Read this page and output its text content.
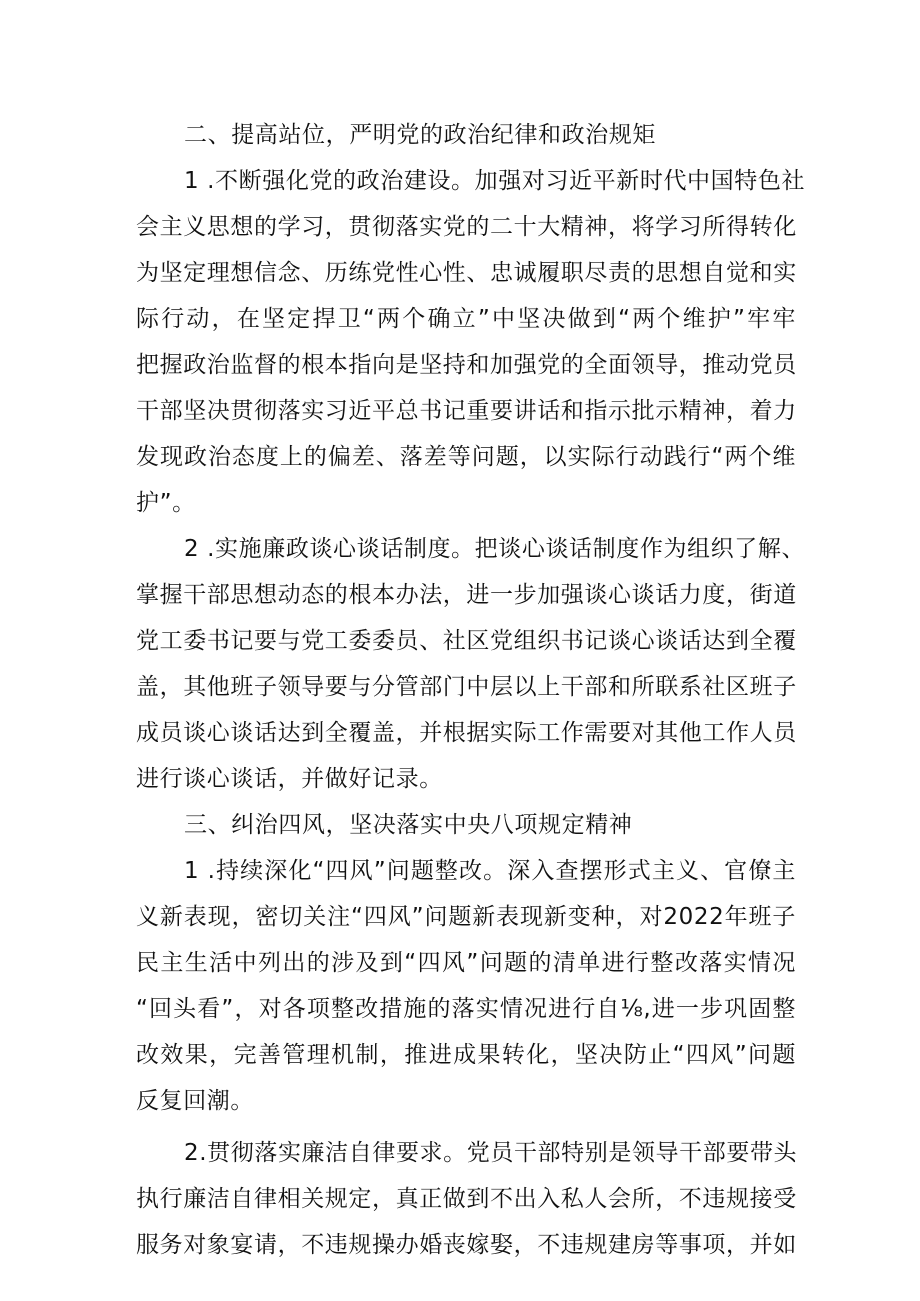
二、提高站位，严明党的政治纪律和政治规矩
1 .不断强化党的政治建设。加强对习近平新时代中国特色社
会主义思想的学习，贯彻落实党的二十大精神，将学习所得转化
为坚定理想信念、历练党性心性、忠诚履职尽责的思想自觉和实
际行动，在坚定捍卫“两个确立”中坚决做到“两个维护”牢牢
把握政治监督的根本指向是坚持和加强党的全面领导，推动党员
干部坚决贯彻落实习近平总书记重要讲话和指示批示精神，着力
发现政治态度上的偏差、落差等问题，以实际行动践行“两个维
护”。
2 .实施廉政谈心谈话制度。把谈心谈话制度作为组织了解、
掌握干部思想动态的根本办法，进一步加强谈心谈话力度，街道
党工委书记要与党工委委员、社区党组织书记谈心谈话达到全覆
盖，其他班子领导要与分管部门中层以上干部和所联系社区班子
成员谈心谈话达到全覆盖，并根据实际工作需要对其他工作人员
进行谈心谈话，并做好记录。
三、纠治四风，坚决落实中央八项规定精神
1 .持续深化“四风”问题整改。深入查摆形式主义、官僚主
义新表现，密切关注“四风”问题新表现新变种，对2022年班子
民主生活中列出的涉及到“四风”问题的清单进行整改落实情况
“回头看”，对各项整改措施的落实情况进行自⅛,进一步巩固整
改效果，完善管理机制，推进成果转化，坚决防止“四风”问题
反复回潮。
2.贯彻落实廉洁自律要求。党员干部特别是领导干部要带头
执行廉洁自律相关规定，真正做到不出入私人会所，不违规接受
服务对象宴请，不违规操办婚丧嫁娶，不违规建房等事项，并如
